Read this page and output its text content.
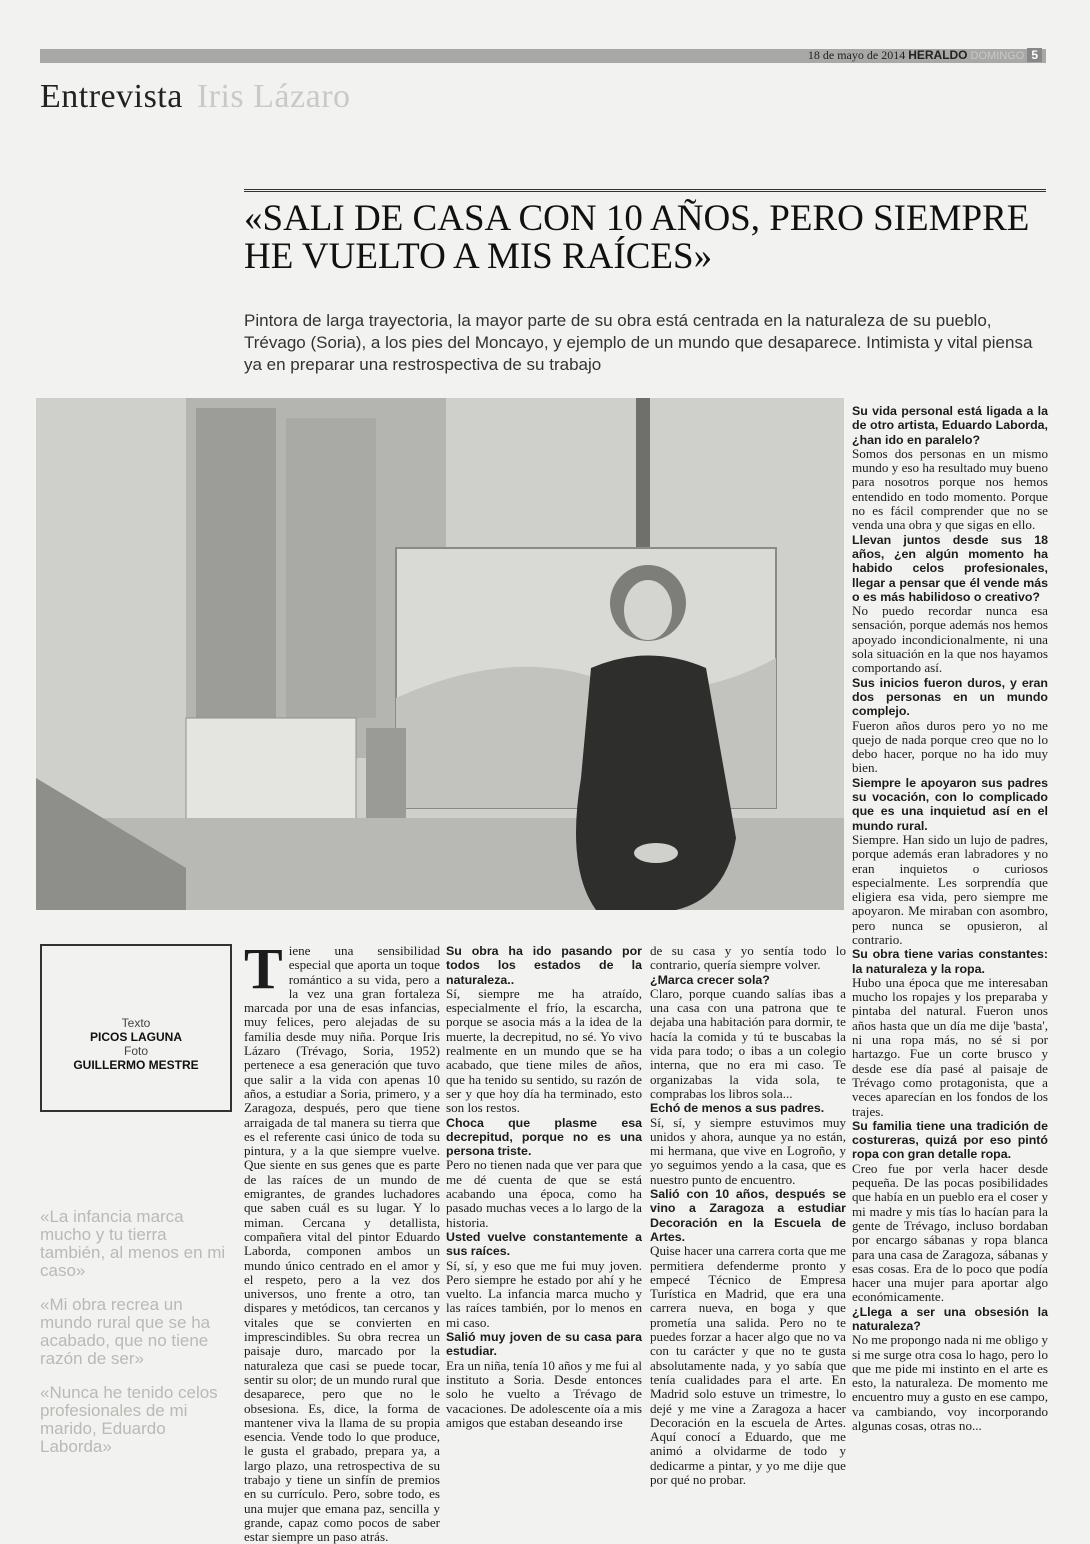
18 de mayo de 2014 HERALDO DOMINGO 5
Entrevista Iris Lázaro
«SALI DE CASA CON 10 AÑOS, PERO SIEMPRE HE VUELTO A MIS RAÍCES»
Pintora de larga trayectoria, la mayor parte de su obra está centrada en la naturaleza de su pueblo, Trévago (Soria), a los pies del Moncayo, y ejemplo de un mundo que desaparece. Intimista y vital piensa ya en preparar una restrospectiva de su trabajo
Texto
PICOS LAGUNA
Foto
GUILLERMO MESTRE

«La infancia marca mucho y tu tierra también, al menos en mi caso»

«Mi obra recrea un mundo rural que se ha acabado, que no tiene razón de ser»

«Nunca he tenido celos profesionales de mi marido, Eduardo Laborda»

T iene una sensibilidad especial que aporta un toque romántico a su vida, pero a la vez una gran fortaleza marcada por una de esas infancias, muy felices, pero alejadas de su familia desde muy niña. Porque Iris Lázaro (Trévago, Soria, 1952) pertenece a esa generación que tuvo que salir a la vida con apenas 10 años, a estudiar a Soria, primero, y a Zaragoza, después, pero que tiene arraigada de tal manera su tierra que es el referente casi único de toda su pintura, y a la que siempre vuelve. Que siente en sus genes que es parte de las raíces de un mundo de emigrantes, de grandes luchadores que saben cuál es su lugar. Y lo miman. Cercana y detallista, compañera vital del pintor Eduardo Laborda, componen ambos un mundo único centrado en el amor y el respeto, pero a la vez dos universos, uno frente a otro, tan dispares y metódicos, tan cercanos y vitales que se convierten en imprescindibles. Su obra recrea un paisaje duro, marcado por la naturaleza que casi se puede tocar, sentir su olor; de un mundo rural que desaparece, pero que no le obsesiona. Es, dice, la forma de mantener viva la llama de su propia esencia. Vende todo lo que produce, le gusta el grabado, prepara ya, a largo plazo, una retrospectiva de su trabajo y tiene un sinfín de premios en su currículo. Pero, sobre todo, es una mujer que emana paz, sencilla y grande, capaz como pocos de saber estar siempre un paso atrás.

Su obra ha ido pasando por todos los estados de la naturaleza..

Sí, siempre me ha atraído, especialmente el frío, la escarcha, porque se asocia más a la idea de la muerte, la decrepitud, no sé. Yo vivo realmente en un mundo que se ha acabado, que tiene miles de años, que ha tenido su sentido, su razón de ser y que hoy día ha terminado, esto son los restos.

Choca que plasme esa decrepitud, porque no es una persona triste.

Pero no tienen nada que ver para que me dé cuenta de que se está acabando una época, como ha pasado muchas veces a lo largo de la historia.

Usted vuelve constantemente a sus raíces.

Sí, sí, y eso que me fui muy joven. Pero siempre he estado por ahí y he vuelto. La infancia marca mucho y las raíces también, por lo menos en mi caso.

Salió muy joven de su casa para estudiar.

Era un niña, tenía 10 años y me fui al instituto a Soria. Desde entonces solo he vuelto a Trévago de vacaciones. De adolescente oía a mis amigos que estaban deseando irse

de su casa y yo sentía todo lo contrario, quería siempre volver.

¿Marca crecer sola?

Claro, porque cuando salías ibas a una casa con una patrona que te dejaba una habitación para dormir, te hacía la comida y tú te buscabas la vida para todo; o ibas a un colegio interna, que no era mi caso. Te organizabas la vida sola, te comprabas los libros sola...

Echó de menos a sus padres.

Sí, sí, y siempre estuvimos muy unidos y ahora, aunque ya no están, mi hermana, que vive en Logroño, y yo seguimos yendo a la casa, que es nuestro punto de encuentro.

Salió con 10 años, después se vino a Zaragoza a estudiar Decoración en la Escuela de Artes.

Quise hacer una carrera corta que me permitiera defenderme pronto y empecé Técnico de Empresa Turística en Madrid, que era una carrera nueva, en boga y que prometía una salida. Pero no te puedes forzar a hacer algo que no va con tu carácter y que no te gusta absolutamente nada, y yo sabía que tenía cualidades para el arte. En Madrid solo estuve un trimestre, lo dejé y me vine a Zaragoza a hacer Decoración en la escuela de Artes. Aquí conocí a Eduardo, que me animó a olvidarme de todo y dedicarme a pintar, y yo me dije que por qué no probar.

Su vida personal está ligada a la de otro artista, Eduardo Laborda, ¿han ido en paralelo?

Somos dos personas en un mismo mundo y eso ha resultado muy bueno para nosotros porque nos hemos entendido en todo momento. Porque no es fácil comprender que no se venda una obra y que sigas en ello.

Llevan juntos desde sus 18 años, ¿en algún momento ha habido celos profesionales, llegar a pensar que él vende más o es más habilidoso o creativo?

No puedo recordar nunca esa sensación, porque además nos hemos apoyado incondicionalmente, ni una sola situación en la que nos hayamos comportando así.

Sus inicios fueron duros, y eran dos personas en un mundo complejo.

Fueron años duros pero yo no me quejo de nada porque creo que no lo debo hacer, porque no ha ido muy bien.

Siempre le apoyaron sus padres su vocación, con lo complicado que es una inquietud así en el mundo rural.

Siempre. Han sido un lujo de padres, porque además eran labradores y no eran inquietos o curiosos especialmente. Les sorprendía que eligiera esa vida, pero siempre me apoyaron. Me miraban con asombro, pero nunca se opusieron, al contrario.

Su obra tiene varias constantes: la naturaleza y la ropa.

Hubo una época que me interesaban mucho los ropajes y los preparaba y pintaba del natural. Fueron unos años hasta que un día me dije 'basta', ni una ropa más, no sé si por hartazgo. Fue un corte brusco y desde ese día pasé al paisaje de Trévago como protagonista, que a veces aparecían en los fondos de los trajes.

Su familia tiene una tradición de costureras, quizá por eso pintó ropa con gran detalle ropa.

Creo fue por verla hacer desde pequeña. De las pocas posibilidades que había en un pueblo era el coser y mi madre y mis tías lo hacían para la gente de Trévago, incluso bordaban por encargo sábanas y ropa blanca para una casa de Zaragoza, sábanas y esas cosas. Era de lo poco que podía hacer una mujer para aportar algo económicamente.

¿Llega a ser una obsesión la naturaleza?

No me propongo nada ni me obligo y si me surge otra cosa lo hago, pero lo que me pide mi instinto en el arte es esto, la naturaleza. De momento me encuentro muy a gusto en ese campo, va cambiando, voy incorporando algunas cosas, otras no...
